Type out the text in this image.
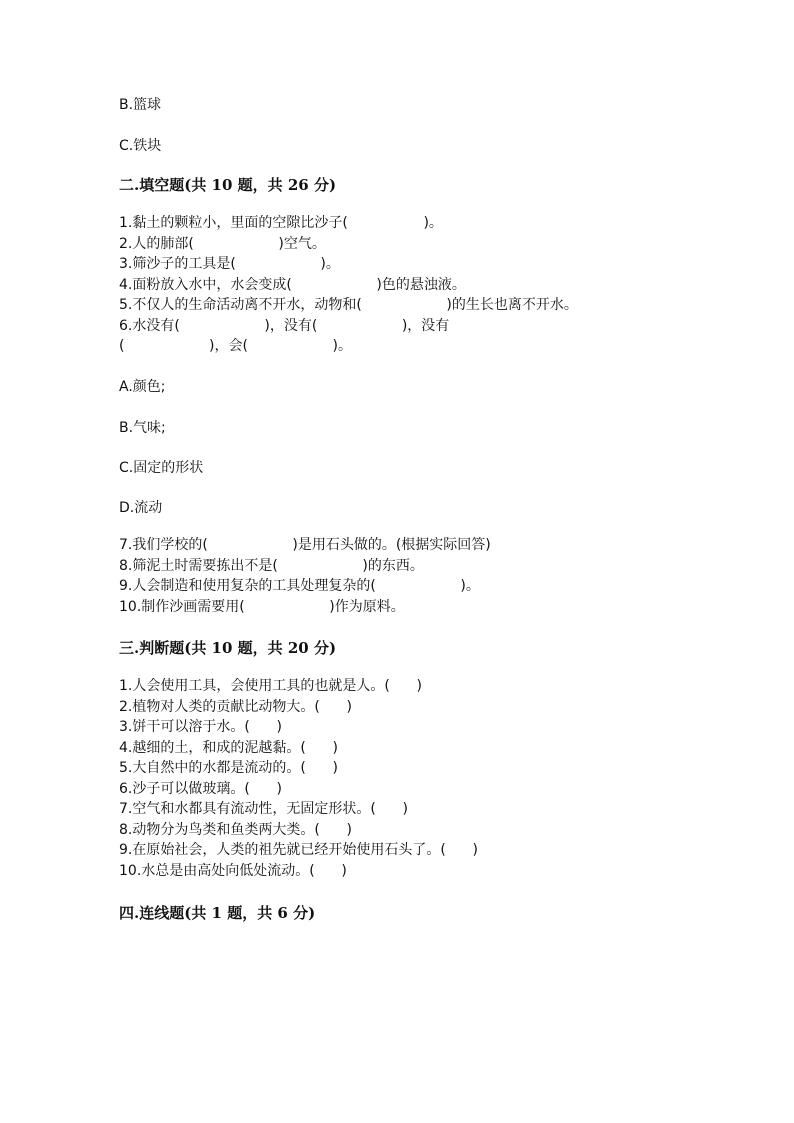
B.篮球
C.铁块
二.填空题(共 10 题，共 26 分)
1.黏土的颗粒小，里面的空隙比沙子(                 )。
2.人的肺部(                   )空气。
3.筛沙子的工具是(                   )。
4.面粉放入水中，水会变成(                   )色的悬浊液。
5.不仅人的生命活动离不开水，动物和(                   )的生长也离不开水。
6.水没有(                   )，没有(                   )，没有
(                   )，会(                   )。
A.颜色;
B.气味;
C.固定的形状
D.流动
7.我们学校的(                   )是用石头做的。(根据实际回答)
8.筛泥土时需要拣出不是(                   )的东西。
9.人会制造和使用复杂的工具处理复杂的(                   )。
10.制作沙画需要用(                   )作为原料。
三.判断题(共 10 题，共 20 分)
1.人会使用工具，会使用工具的也就是人。(      )
2.植物对人类的贡献比动物大。(      )
3.饼干可以溶于水。(      )
4.越细的土，和成的泥越黏。(      )
5.大自然中的水都是流动的。(      )
6.沙子可以做玻璃。(      )
7.空气和水都具有流动性，无固定形状。(      )
8.动物分为鸟类和鱼类两大类。(      )
9.在原始社会，人类的祖先就已经开始使用石头了。(      )
10.水总是由高处向低处流动。(      )
四.连线题(共 1 题，共 6 分)
